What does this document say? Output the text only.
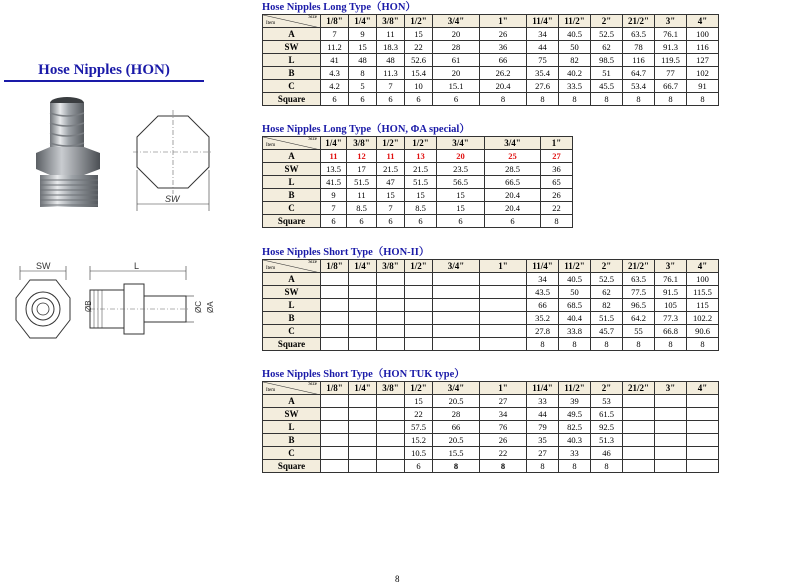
Hose Nipples (HON)
SW
SW	L
ØB	ØC ØA
8
Hose Nipples Long Type（HON）
Size
Item	1/8"	1/4"	3/8"	1/2"	3/4"	1"	11/4"	11/2"	2"	21/2"	3"	4"
A	7	9	11	15	20	26	34	40.5	52.5	63.5	76.1	100
SW	11.2	15	18.3	22	28	36	44	50	62	78	91.3	116
L	41	48	48	52.6	61	66	75	82	98.5	116	119.5	127
B	4.3	8	11.3	15.4	20	26.2	35.4	40.2	51	64.7	77	102
C	4.2	5	7	10	15.1	20.4	27.6	33.5	45.5	53.4	66.7	91
Square	6	6	6	6	6	8	8	8	8	8	8	8
Hose Nipples Long Type（HON, ΦA special）
Size
Item	1/4"	3/8"	1/2"	1/2"	3/4"	3/4"	1"
A	11	12	11	13	20	25	27
SW	13.5	17	21.5	21.5	23.5	28.5	36
L	41.5	51.5	47	51.5	56.5	66.5	65
B	9	11	15	15	15	20.4	26
C	7	8.5	7	8.5	15	20.4	22
Square	6	6	6	6	6	6	8
Hose Nipples Short Type（HON-II）
Size
Item	1/8"	1/4"	3/8"	1/2"	3/4"	1"	11/4"	11/2"	2"	21/2"	3"	4"
A							34	40.5	52.5	63.5	76.1	100
SW							43.5	50	62	77.5	91.5	115.5
L							66	68.5	82	96.5	105	115
B							35.2	40.4	51.5	64.2	77.3	102.2
C							27.8	33.8	45.7	55	66.8	90.6
Square							8	8	8	8	8	8
Hose Nipples Short Type（HON TUK type）
Size
Item	1/8"	1/4"	3/8"	1/2"	3/4"	1"	11/4"	11/2"	2"	21/2"	3"	4"
A				15	20.5	27	33	39	53			
SW				22	28	34	44	49.5	61.5			
L				57.5	66	76	79	82.5	92.5			
B				15.2	20.5	26	35	40.3	51.3			
C				10.5	15.5	22	27	33	46			
Square				6	8	8	8	8	8			
